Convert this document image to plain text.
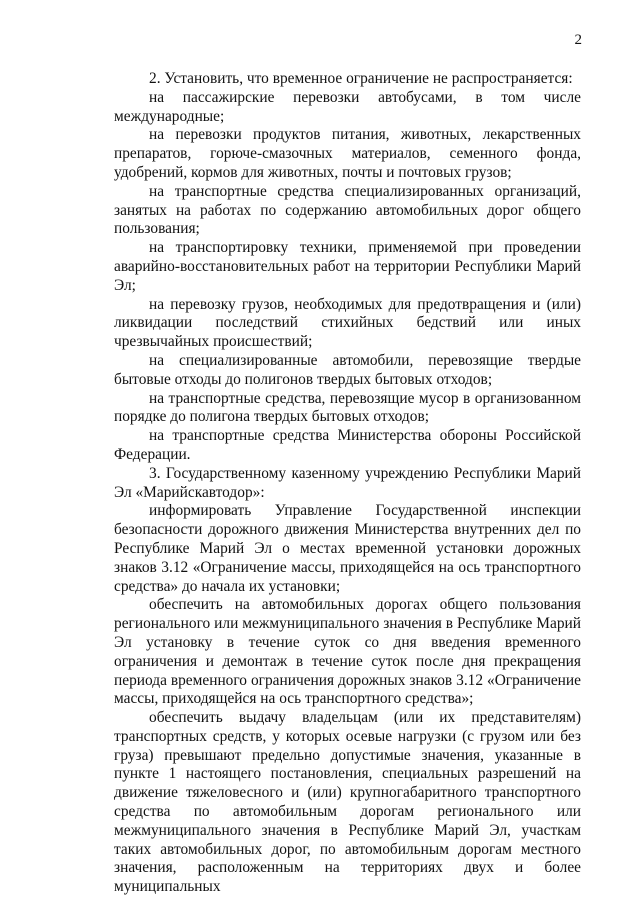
2

2. Установить, что временное ограничение не распространяется:

на пассажирские перевозки автобусами, в том числе международные;

на перевозки продуктов питания, животных, лекарственных препаратов, горюче-смазочных материалов, семенного фонда, удобрений, кормов для животных, почты и почтовых грузов;

на транспортные средства специализированных организаций, занятых на работах по содержанию автомобильных дорог общего пользования;

на транспортировку техники, применяемой при проведении аварийно-восстановительных работ на территории Республики Марий Эл;

на перевозку грузов, необходимых для предотвращения и (или) ликвидации последствий стихийных бедствий или иных чрезвычайных происшествий;

на специализированные автомобили, перевозящие твердые бытовые отходы до полигонов твердых бытовых отходов;

на транспортные средства, перевозящие мусор в организованном порядке до полигона твердых бытовых отходов;

на транспортные средства Министерства обороны Российской Федерации.

3. Государственному казенному учреждению Республики Марий Эл «Марийскавтодор»:

информировать Управление Государственной инспекции безопасности дорожного движения Министерства внутренних дел по Республике Марий Эл о местах временной установки дорожных знаков 3.12 «Ограничение массы, приходящейся на ось транспортного средства» до начала их установки;

обеспечить на автомобильных дорогах общего пользования регионального или межмуниципального значения в Республике Марий Эл установку в течение суток со дня введения временного ограничения и демонтаж в течение суток после дня прекращения периода временного ограничения дорожных знаков 3.12 «Ограничение массы, приходящейся на ось транспортного средства»;

обеспечить выдачу владельцам (или их представителям) транспортных средств, у которых осевые нагрузки (с грузом или без груза) превышают предельно допустимые значения, указанные в пункте 1 настоящего постановления, специальных разрешений на движение тяжеловесного и (или) крупногабаритного транспортного средства по автомобильным дорогам регионального или межмуниципального значения в Республике Марий Эл, участкам таких автомобильных дорог, по автомобильным дорогам местного значения, расположенным на территориях двух и более муниципальных
